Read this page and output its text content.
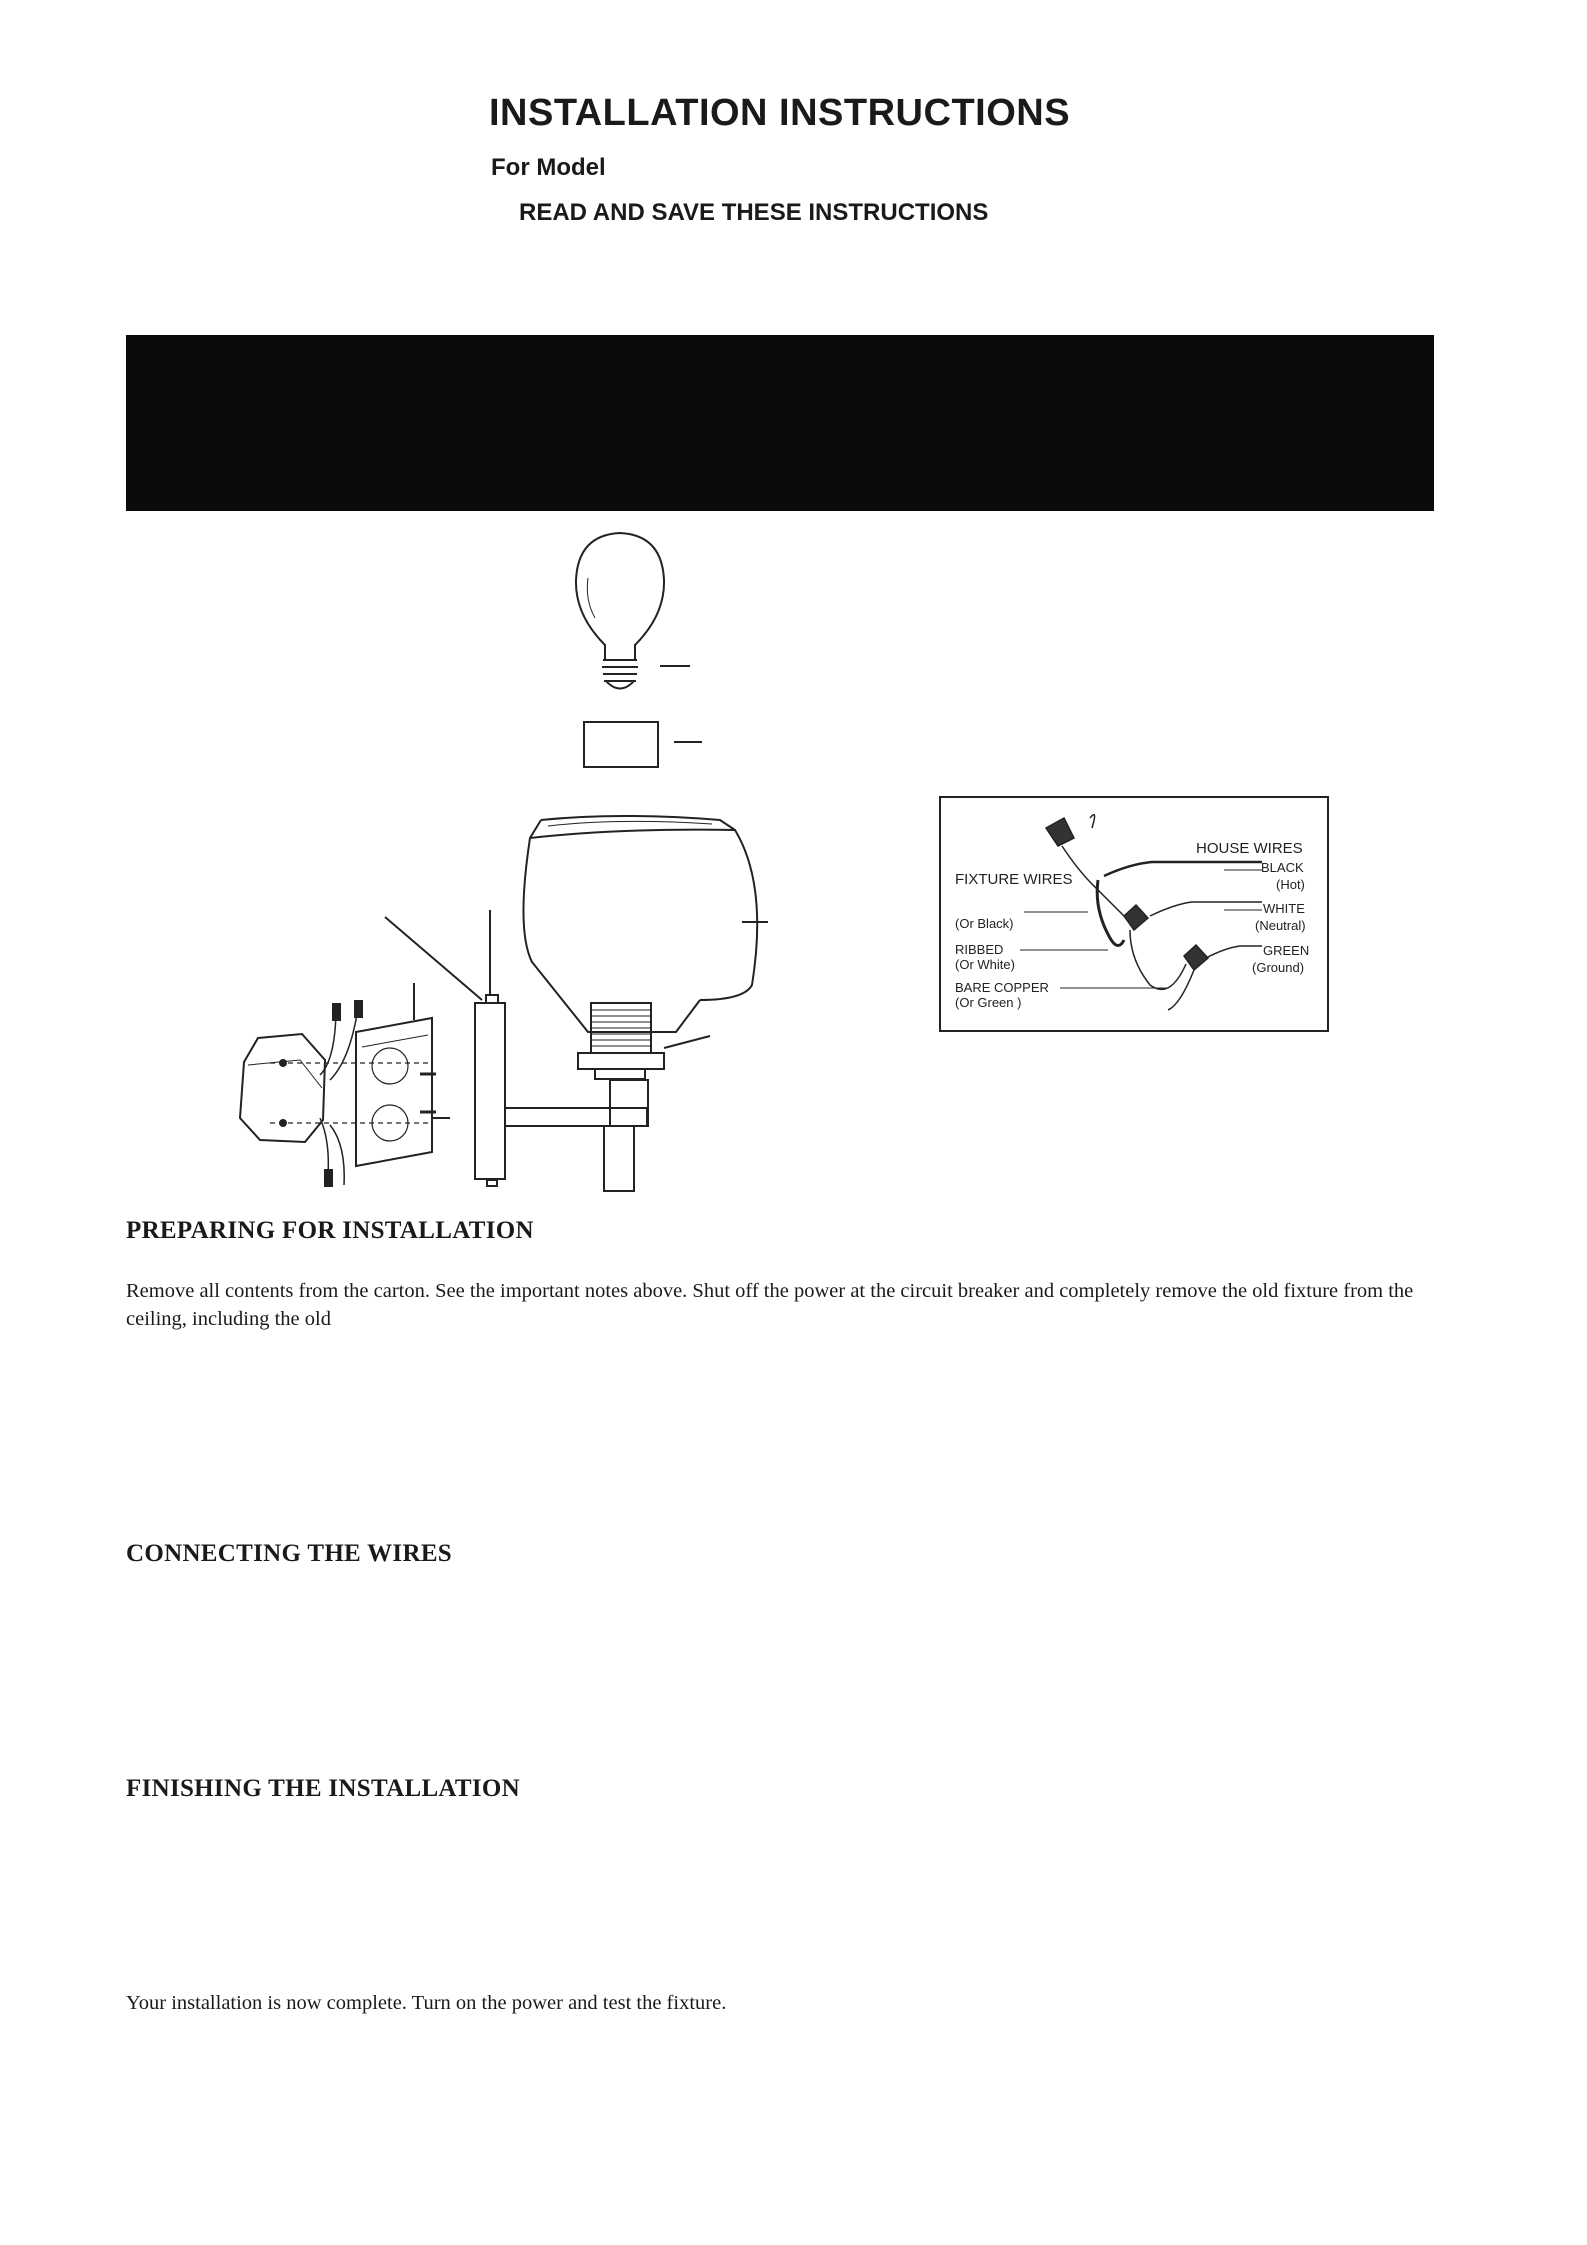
INSTALLATION INSTRUCTIONS
For Model
READ AND SAVE THESE INSTRUCTIONS
HOUSE WIRES
BLACK
(Hot)
FIXTURE WIRES
WHITE
(Neutral)
(Or Black)
RIBBED
(Or White)
GREEN
(Ground)
BARE COPPER
(Or Green )
PREPARING FOR INSTALLATION
Remove all contents from the carton. See the important notes above. Shut off the power at the circuit breaker and completely remove the old fixture from the ceiling, including the old
CONNECTING THE WIRES
FINISHING THE INSTALLATION
Your installation is now complete. Turn on the power and test the fixture.
